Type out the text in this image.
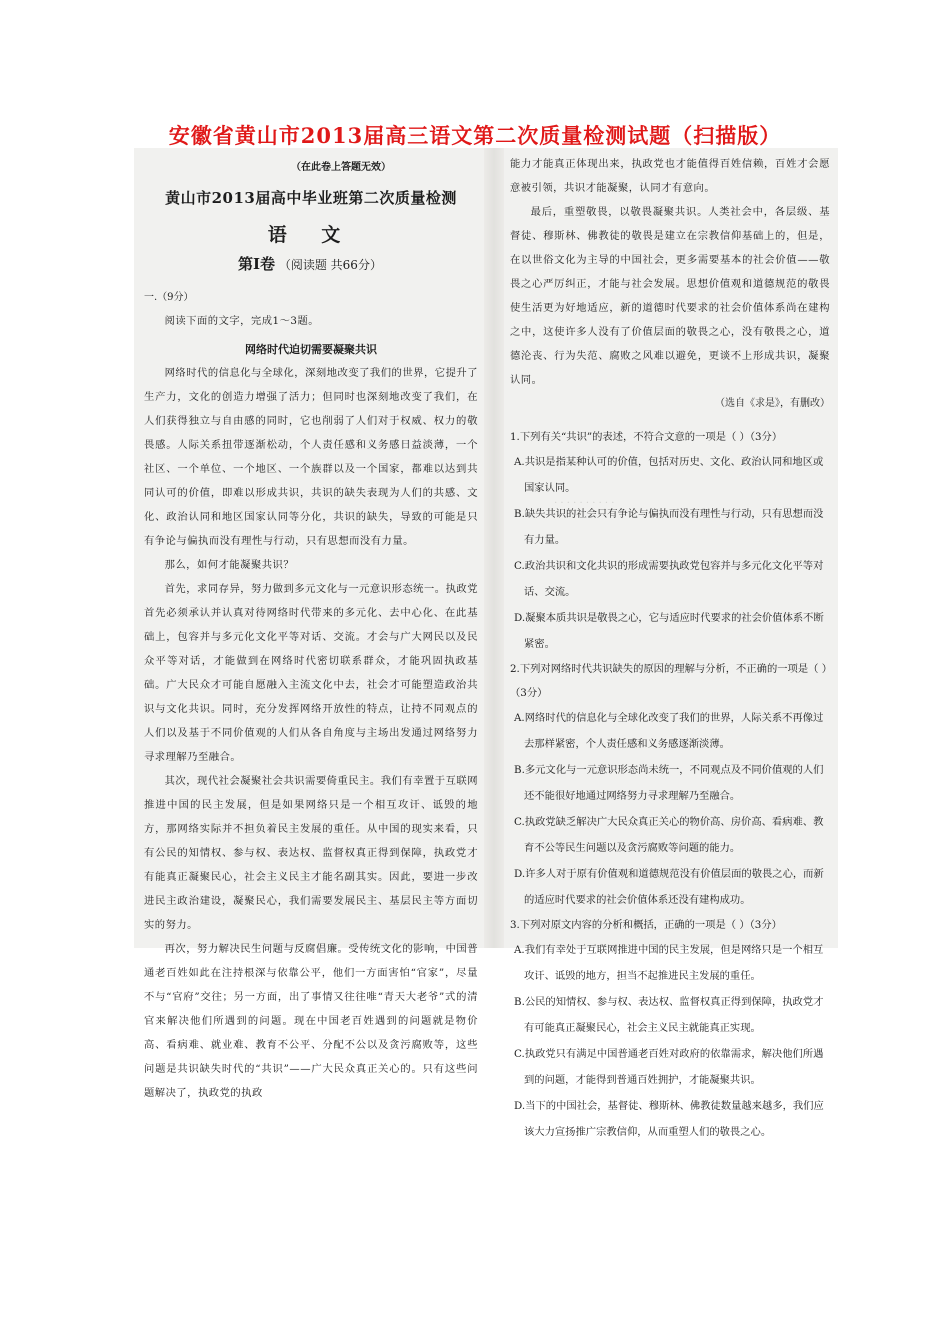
安徽省黄山市2013届高三语文第二次质量检测试题（扫描版）
· · · · · · · · · ·
（在此卷上答题无效）
黄山市2013届高中毕业班第二次质量检测
语 文
第Ⅰ卷 （阅读题 共66分）
一.（9分）
阅读下面的文字，完成1～3题。
网络时代迫切需要凝聚共识

网络时代的信息化与全球化，深刻地改变了我们的世界，它提升了生产力，文化的创造力增强了活力；但同时也深刻地改变了我们，在人们获得独立与自由感的同时，它也削弱了人们对于权威、权力的敬畏感。人际关系扭带逐渐松动，个人责任感和义务感日益淡薄，一个社区、一个单位、一个地区、一个族群以及一个国家，都难以达到共同认可的价值，即难以形成共识，共识的缺失表现为人们的共感、文化、政治认同和地区国家认同等分化，共识的缺失，导致的可能是只有争论与偏执而没有理性与行动，只有思想而没有力量。

那么，如何才能凝聚共识？

首先，求同存异，努力做到多元文化与一元意识形态统一。执政党首先必须承认并认真对待网络时代带来的多元化、去中心化、在此基础上，包容并与多元化文化平等对话、交流。才会与广大网民以及民众平等对话，才能做到在网络时代密切联系群众，才能巩固执政基础。广大民众才可能自愿融入主流文化中去，社会才可能塑造政治共识与文化共识。同时，充分发挥网络开放性的特点，让持不同观点的人们以及基于不同价值观的人们从各自角度与主场出发通过网络努力寻求理解乃至融合。

其次，现代社会凝聚社会共识需要倚重民主。我们有幸置于互联网推进中国的民主发展，但是如果网络只是一个相互攻讦、诋毁的地方，那网络实际并不担负着民主发展的重任。从中国的现实来看，只有公民的知情权、参与权、表达权、监督权真正得到保障，执政党才有能真正凝聚民心，社会主义民主才能名副其实。因此，要进一步改进民主政治建设，凝聚民心，我们需要发展民主、基层民主等方面切实的努力。

再次，努力解决民生问题与反腐倡廉。受传统文化的影响，中国普通老百姓如此在注持根深与依靠公平，他们一方面害怕“官家”，尽量不与“官府”交往；另一方面，出了事情又往往唯“青天大老爷”式的清官来解决他们所遇到的问题。现在中国老百姓遇到的问题就是物价高、看病难、就业难、教育不公平、分配不公以及贪污腐败等，这些问题是共识缺失时代的“共识”——广大民众真正关心的。只有这些问题解决了，执政党的执政

能力才能真正体现出来，执政党也才能值得百姓信赖，百姓才会愿意被引领，共识才能凝聚，认同才有意向。

最后，重塑敬畏，以敬畏凝聚共识。人类社会中，各层级、基督徒、穆斯林、佛教徒的敬畏是建立在宗教信仰基础上的，但是，在以世俗文化为主导的中国社会，更多需要基本的社会价值——敬畏之心严厉纠正，才能与社会发展。思想价值观和道德规范的敬畏使生活更为好地适应，新的道德时代要求的社会价值体系尚在建构之中，这使许多人没有了价值层面的敬畏之心，没有敬畏之心，道德沦丧、行为失范、腐败之风难以避免，更谈不上形成共识，凝聚认同。

（选自《求是》，有删改）

1.下列有关“共识”的表述，不符合文意的一项是（ ）（3分）

A.共识是指某种认可的价值，包括对历史、文化、政治认同和地区或国家认同。

B.缺失共识的社会只有争论与偏执而没有理性与行动，只有思想而没有力量。

C.政治共识和文化共识的形成需要执政党包容并与多元化文化平等对话、交流。

D.凝聚本质共识是敬畏之心，它与适应时代要求的社会价值体系不断紧密。

2.下列对网络时代共识缺失的原因的理解与分析，不正确的一项是（ ）（3分）

A.网络时代的信息化与全球化改变了我们的世界，人际关系不再像过去那样紧密，个人责任感和义务感逐渐淡薄。

B.多元文化与一元意识形态尚未统一，不同观点及不同价值观的人们还不能很好地通过网络努力寻求理解乃至融合。

C.执政党缺乏解决广大民众真正关心的物价高、房价高、看病难、教育不公等民生问题以及贪污腐败等问题的能力。

D.许多人对于原有价值观和道德规范没有价值层面的敬畏之心，而新的适应时代要求的社会价值体系还没有建构成功。

3.下列对原文内容的分析和概括，正确的一项是（ ）（3分）

A.我们有幸处于互联网推进中国的民主发展，但是网络只是一个相互攻讦、诋毁的地方，担当不起推进民主发展的重任。

B.公民的知情权、参与权、表达权、监督权真正得到保障，执政党才有可能真正凝聚民心，社会主义民主就能真正实现。

C.执政党只有满足中国普通老百姓对政府的依靠需求，解决他们所遇到的问题，才能得到普通百姓拥护，才能凝聚共识。

D.当下的中国社会，基督徒、穆斯林、佛教徒数量越来越多，我们应该大力宣扬推广宗教信仰，从而重塑人们的敬畏之心。
